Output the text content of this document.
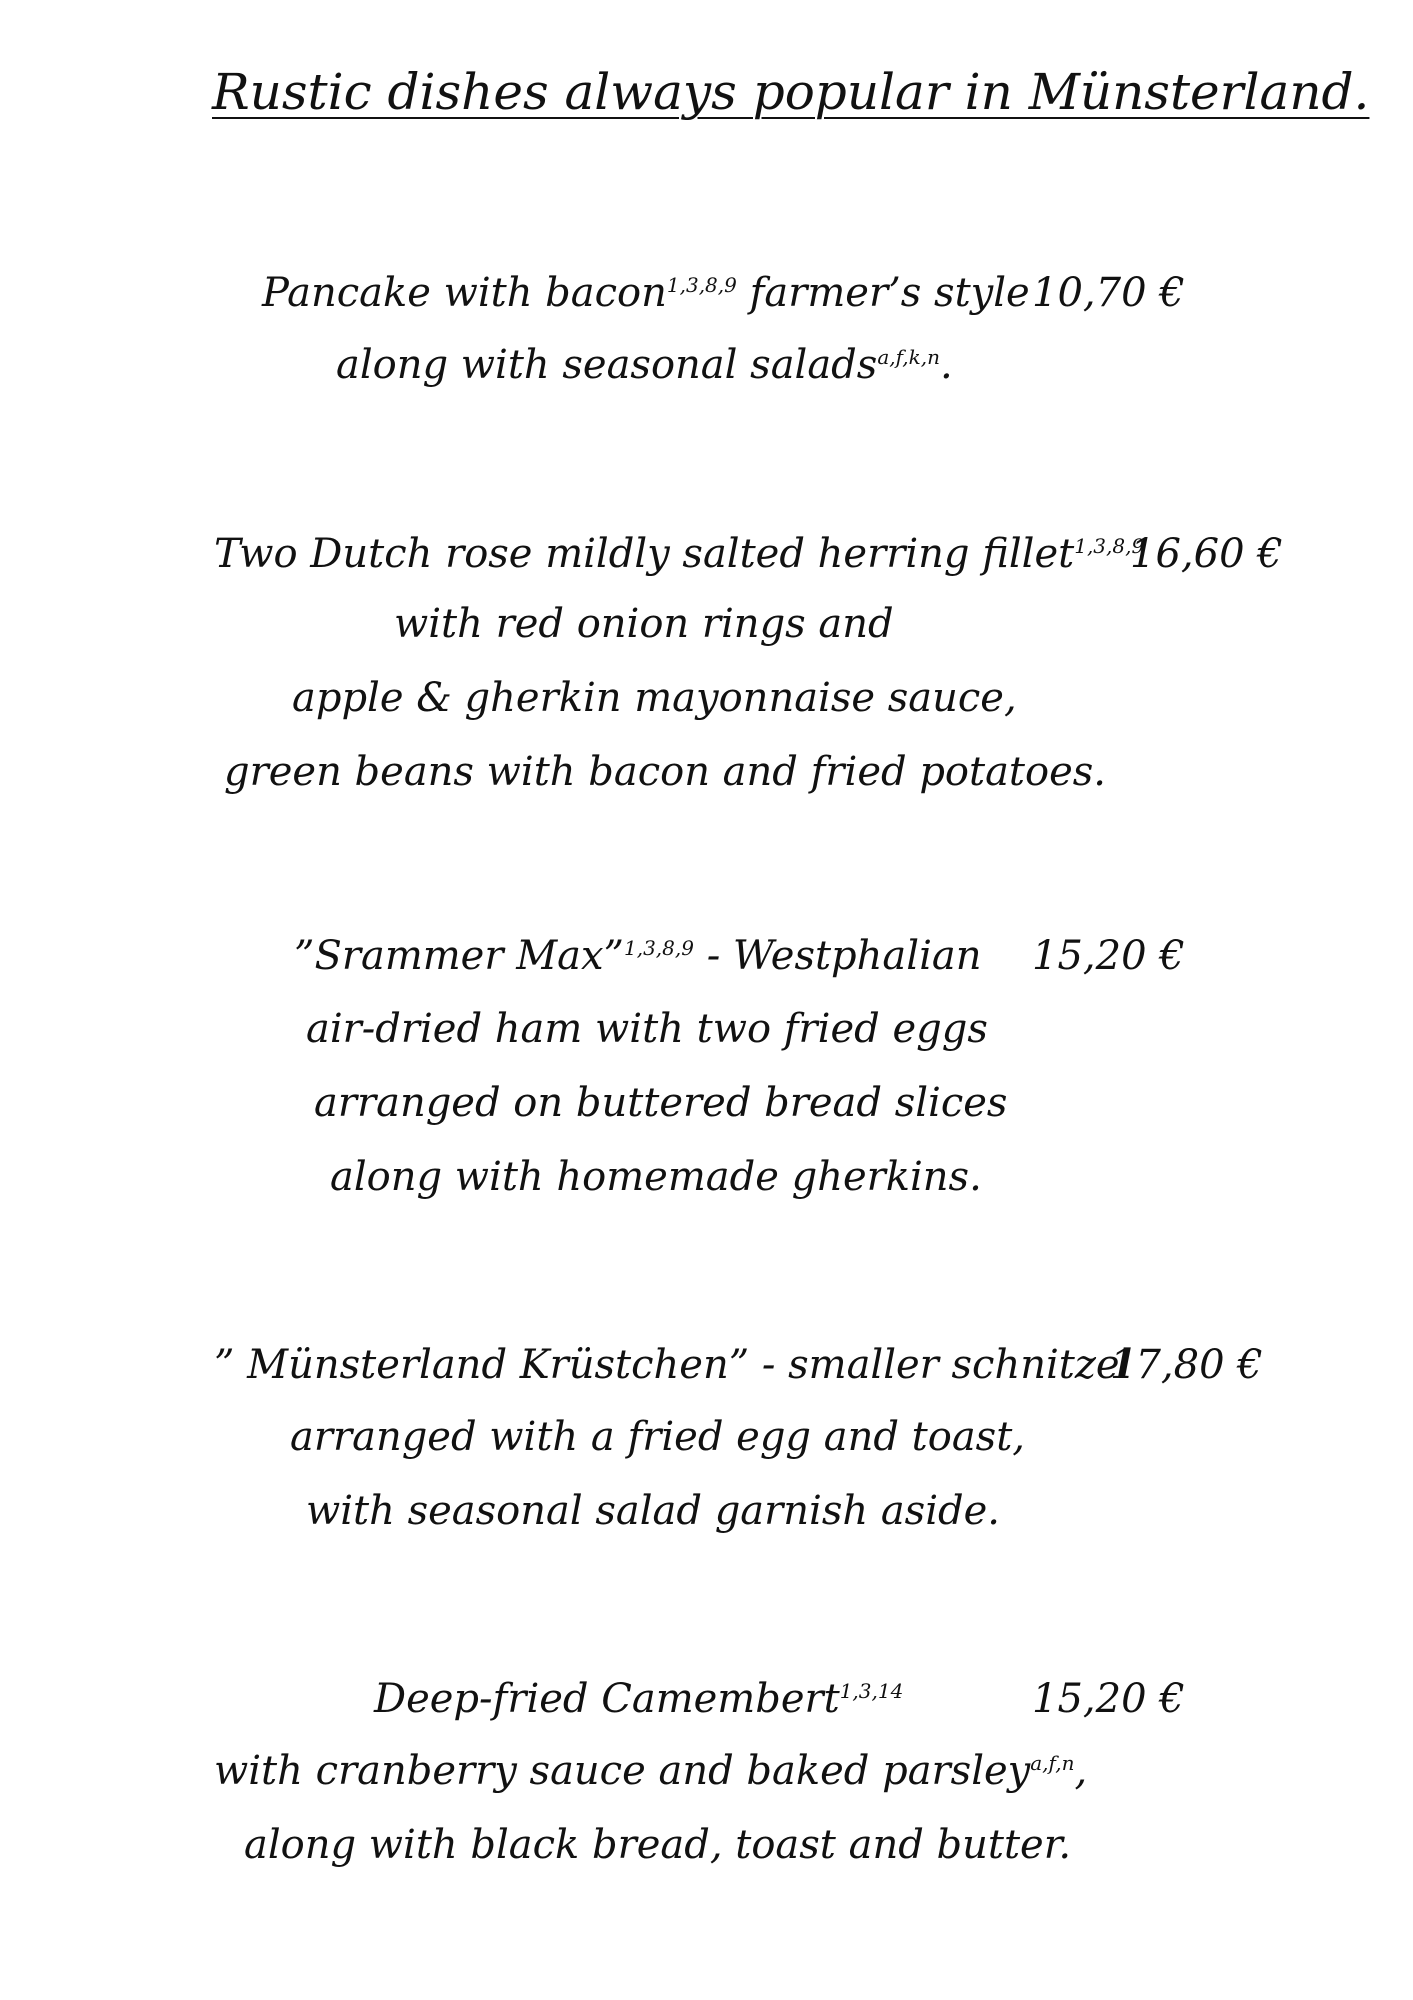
Rustic dishes always popular in Münsterland.
Pancake with bacon$^{1,3,8,9}$ farmer’s style 10,70 €
along with seasonal salads$^{a,f,k,n}$.
Two Dutch rose mildly salted herring fillet$^{1,3,8,9}$
16,60 €
with red onion rings and
apple & gherkin mayonnaise sauce,
green beans with bacon and fried potatoes.
”Srammer Max”$^{1,3,8,9}$ - Westphalian 15,20 €
air-dried ham with two fried eggs
arranged on buttered bread slices
along with homemade gherkins.
” Münsterland Krüstchen” - smaller schnitzel
17,80 €
arranged with a fried egg and toast,
with seasonal salad garnish aside.
Deep-fried Camembert$^{1,3,14}$	15,20 €
with cranberry sauce and baked parsley$^{a,f,n}$,
along with black bread, toast and butter.
